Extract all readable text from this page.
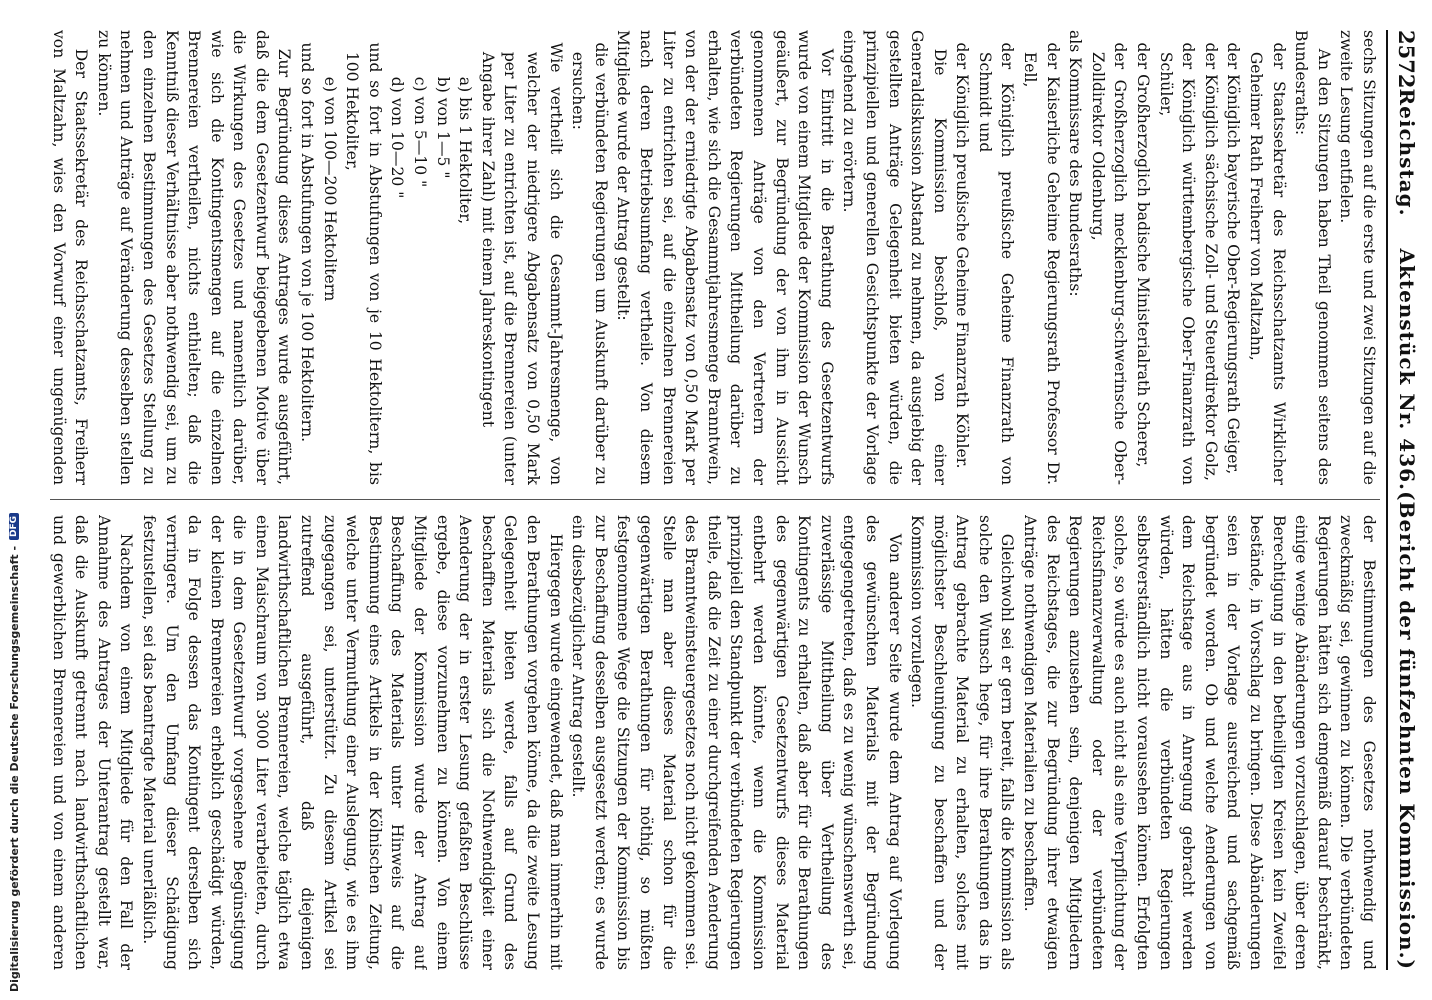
Digitalisierung gefördert durch die Deutsche Forschungsgemeinschaft -
DFG
2572
Reichstag.    Aktenstück Nr. 436.
(Bericht der fünfzehnten Kommission.)

sechs Sitzungen auf die erste und zwei Sitzungen auf die zweite Lesung entfielen.

An den Sitzungen haben Theil genommen seitens des Bundesraths:

der Staatssekretär des Reichsschatzamts Wirklicher Geheimer Rath Freiherr von Maltzahn,

der Königlich bayerische Ober-Regierungsrath Geiger,

der Königlich sächsische Zoll- und Steuerdirektor Golz,

der Königlich württembergische Ober-Finanzrath von Schüler,

der Großherzoglich badische Ministerialrath Scherer,

der Großherzoglich mecklenburg-schwerinsche Ober-Zolldirektor Oldenburg,

als Kommissare des Bundesraths:

der Kaiserliche Geheime Regierungsrath Professor Dr. Eell,

der Königlich preußische Geheime Finanzrath von Schmidt und

der Königlich preußische Geheime Finanzrath Köhler.

Die Kommission beschloß, von einer Generaldiskussion Abstand zu nehmen, da ausgiebig der gestellten Anträge Gelegenheit bieten würden, die prinzipiellen und generellen Gesichtspunkte der Vorlage eingehend zu erörtern.

Vor Eintritt in die Berathung des Gesetzentwurfs wurde von einem Mitgliede der Kommission der Wunsch geäußert, zur Begründung der von ihm in Aussicht genommenen Anträge von den Vertretern der verbündeten Regierungen Mittheilung darüber zu erhalten, wie sich die Gesammtjahresmenge Branntwein, von der der erniedrigte Abgabensatz von 0,50 Mark per Liter zu entrichten sei, auf die einzelnen Brennereien nach deren Betriebsumfang vertheile. Von diesem Mitgliede wurde der Antrag gestellt:

die verbündeten Regierungen um Auskunft darüber zu ersuchen:

Wie vertheilt sich die Gesammt-Jahresmenge, von welcher der niedrigere Abgabensatz von 0,50 Mark per Liter zu entrichten ist, auf die Brennereien (unter Angabe ihrer Zahl) mit einem Jahreskontingent

a) bis 1 Hektoliter,

b) von 1—5 "

c) von 5—10 "

d) von 10—20 "

und so fort in Abstufungen von je 10 Hektolitern, bis 100 Hektoliter,

e) von 100—200 Hektolitern

und so fort in Abstufungen von je 100 Hektolitern.

Zur Begründung dieses Antrages wurde ausgeführt, daß die dem Gesetzentwurf beigegebenen Motive über die Wirkungen des Gesetzes und namentlich darüber, wie sich die Kontingentsmengen auf die einzelnen Brennereien vertheilen, nichts enthielten; daß die Kenntniß dieser Verhältnisse aber nothwendig sei, um zu den einzelnen Bestimmungen des Gesetzes Stellung zu nehmen und Anträge auf Veränderung desselben stellen zu können.

Der Staatssekretär des Reichsschatzamts, Freiherr von Maltzahn, wies den Vorwurf einer ungenügenden

der Bestimmungen des Gesetzes nothwendig und zweckmäßig sei, gewinnen zu können. Die verbündeten Regierungen hätten sich demgemäß darauf beschränkt, einige wenige Abänderungen vorzuschlagen, über deren Berechtigung in den betheiligten Kreisen kein Zweifel bestände, in Vorschlag zu bringen. Diese Abänderungen seien in der Vorlage ausreichend und sachgemäß begründet worden. Ob und welche Aenderungen von dem Reichstage aus in Anregung gebracht werden würden, hätten die verbündeten Regierungen selbstverständlich nicht voraussehen können. Erfolgten solche, so würde es auch nicht als eine Verpflichtung der Reichsfinanzverwaltung oder der verbündeten Regierungen anzusehen sein, denjenigen Mitgliedern des Reichstages, die zur Begründung ihrer etwaigen Anträge nothwendigen Materialien zu beschaffen.

Gleichwohl sei er gern bereit, falls die Kommission als solche den Wunsch hege, für ihre Berathungen das in Antrag gebrachte Material zu erhalten, solches mit möglichster Beschleunigung zu beschaffen und der Kommission vorzulegen.

Von anderer Seite wurde dem Antrag auf Vorlegung des gewünschten Materials mit der Begründung entgegengetreten, daß es zu wenig wünschenswerth sei, zuverlässige Mittheilung über Vertheilung des Kontingents zu erhalten, daß aber für die Berathungen des gegenwärtigen Gesetzentwurfs dieses Material entbehrt werden könnte, wenn die Kommission prinzipiell den Standpunkt der verbündeten Regierungen theile, daß die Zeit zu einer durchgreifenden Aenderung des Branntweinsteuergesetzes noch nicht gekommen sei. Stelle man aber dieses Material schon für die gegenwärtigen Berathungen für nöthig, so müßten festgenommene Wege die Sitzungen der Kommission bis zur Beschaffung desselben ausgesetzt werden; es wurde ein diesbezüglicher Antrag gestellt.

Hiergegen wurde eingewendet, daß man immerhin mit den Berathungen vorgehen könne, da die zweite Lesung Gelegenheit bieten werde, falls auf Grund des beschafften Materials sich die Nothwendigkeit einer Aenderung der in erster Lesung gefaßten Beschlüsse ergebe, diese vorzunehmen zu können. Von einem Mitgliede der Kommission wurde der Antrag auf Beschaffung des Materials unter Hinweis auf die Bestimmung eines Artikels in der Kölnischen Zeitung, welche unter Vermuthung einer Auslegung, wie es ihm zugegangen sei, unterstützt. Zu diesem Artikel sei zutreffend ausgeführt, daß diejenigen landwirthschaftlichen Brennereien, welche täglich etwa einen Maischraum von 3000 Liter verarbeiteten, durch die in dem Gesetzentwurf vorgesehene Begünstigung der kleinen Brennereien erheblich geschädigt würden, da in Folge dessen das Kontingent derselben sich verringere. Um den Umfang dieser Schädigung festzustellen, sei das beantragte Material unerläßlich.

Nachdem von einem Mitgliede für den Fall der Annahme des Antrages der Unterantrag gestellt war, daß die Auskunft getrennt nach landwirthschaftlichen und gewerblichen Brennereien und von einem anderen
